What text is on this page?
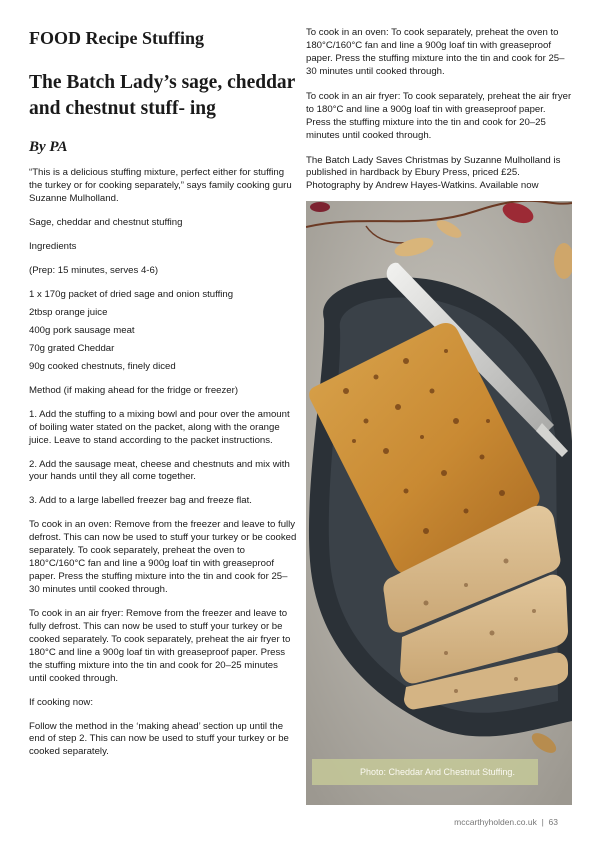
FOOD Recipe Stuffing
The Batch Lady’s sage, cheddar and chestnut stuff- ing
By PA

“This is a delicious stuffing mixture, perfect either for stuffing the turkey or for cooking separately,” says family cooking guru Suzanne Mulholland.

Sage, cheddar and chestnut stuffing

Ingredients

(Prep: 15 minutes, serves 4-6)

1 x 170g packet of dried sage and onion stuffing

2tbsp orange juice

400g pork sausage meat

70g grated Cheddar

90g cooked chestnuts, finely diced

Method (if making ahead for the fridge or freezer)

1. Add the stuffing to a mixing bowl and pour over the amount of boiling water stated on the packet, along with the orange juice. Leave to stand according to the packet instructions.

2. Add the sausage meat, cheese and chestnuts and mix with your hands until they all come together.

3. Add to a large labelled freezer bag and freeze flat.

To cook in an oven: Remove from the freezer and leave to fully defrost. This can now be used to stuff your turkey or be cooked separately. To cook separately, preheat the oven to 180°C/160°C fan and line a 900g loaf tin with greaseproof paper. Press the stuffing mixture into the tin and cook for 25–30 minutes until cooked through.

To cook in an air fryer: Remove from the freezer and leave to fully defrost. This can now be used to stuff your turkey or be cooked separately. To cook separately, preheat the air fryer to 180°C and line a 900g loaf tin with greaseproof paper. Press the stuffing mixture into the tin and cook for 20–25 minutes until cooked through.

If cooking now:

Follow the method in the ‘making ahead’ section up until the end of step 2. This can now be used to stuff your turkey or be cooked separately.

To cook in an oven: To cook separately, preheat the oven to 180°C/160°C fan and line a 900g loaf tin with greaseproof paper. Press the stuffing mixture into the tin and cook for 25–30 minutes until cooked through.

To cook in an air fryer: To cook separately, preheat the air fryer to 180°C and line a 900g loaf tin with greaseproof paper. Press the stuffing mixture into the tin and cook for 20–25 minutes until cooked through.

The Batch Lady Saves Christmas by Suzanne Mulholland is published in hardback by Ebury Press, priced £25. Photography by Andrew Hayes-Watkins. Available now

Photo: Cheddar And Chestnut Stuffing.
mccarthyholden.co.uk  |  63
